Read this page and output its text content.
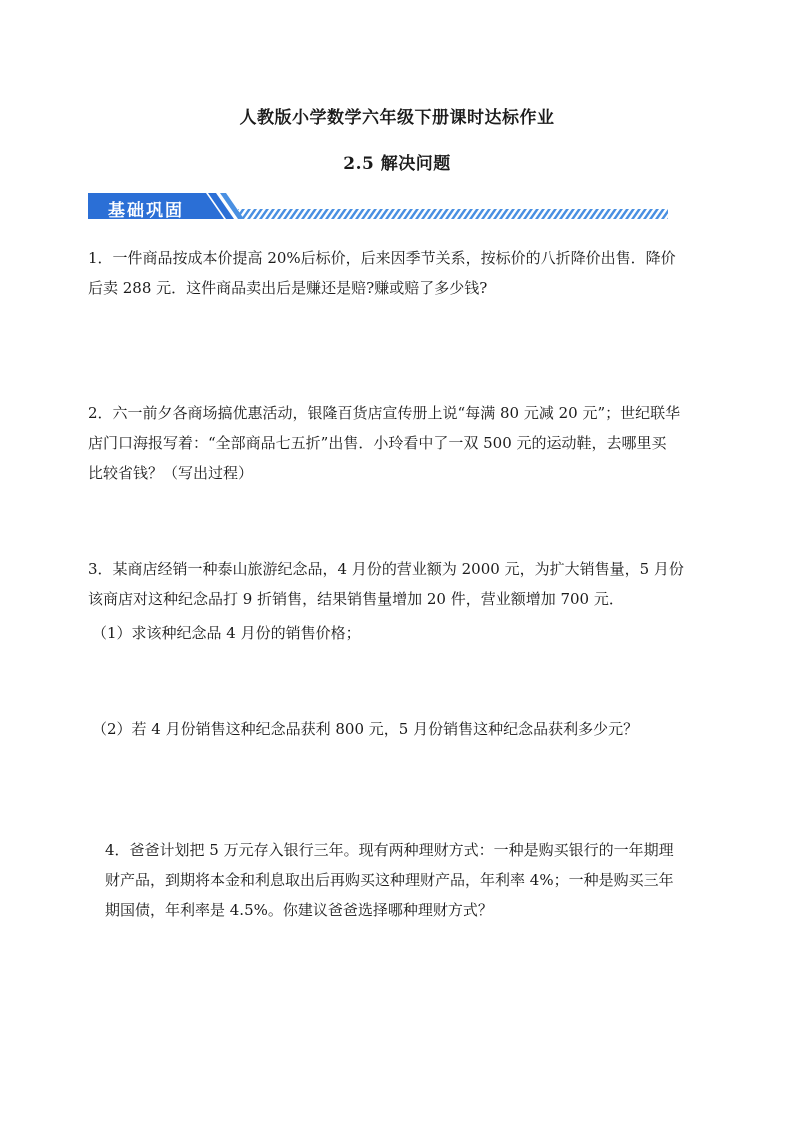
人教版小学数学六年级下册课时达标作业
2.5 解决问题
基础巩固
1．一件商品按成本价提高 20%后标价，后来因季节关系，按标价的八折降价出售．降价
后卖 288 元．这件商品卖出后是赚还是赔?赚或赔了多少钱?
2．六一前夕各商场搞优惠活动，银隆百货店宣传册上说“每满 80 元减 20 元”；世纪联华
店门口海报写着：“全部商品七五折”出售．小玲看中了一双 500 元的运动鞋，去哪里买
比较省钱？（写出过程）
3．某商店经销一种泰山旅游纪念品，4 月份的营业额为 2000 元，为扩大销售量，5 月份
该商店对这种纪念品打 9 折销售，结果销售量增加 20 件，营业额增加 700 元．
（1）求该种纪念品 4 月份的销售价格；
（2）若 4 月份销售这种纪念品获利 800 元，5 月份销售这种纪念品获利多少元？
4．爸爸计划把 5 万元存入银行三年。现有两种理财方式：一种是购买银行的一年期理
财产品，到期将本金和利息取出后再购买这种理财产品，年利率 4%；一种是购买三年
期国债，年利率是 4.5%。你建议爸爸选择哪种理财方式？
